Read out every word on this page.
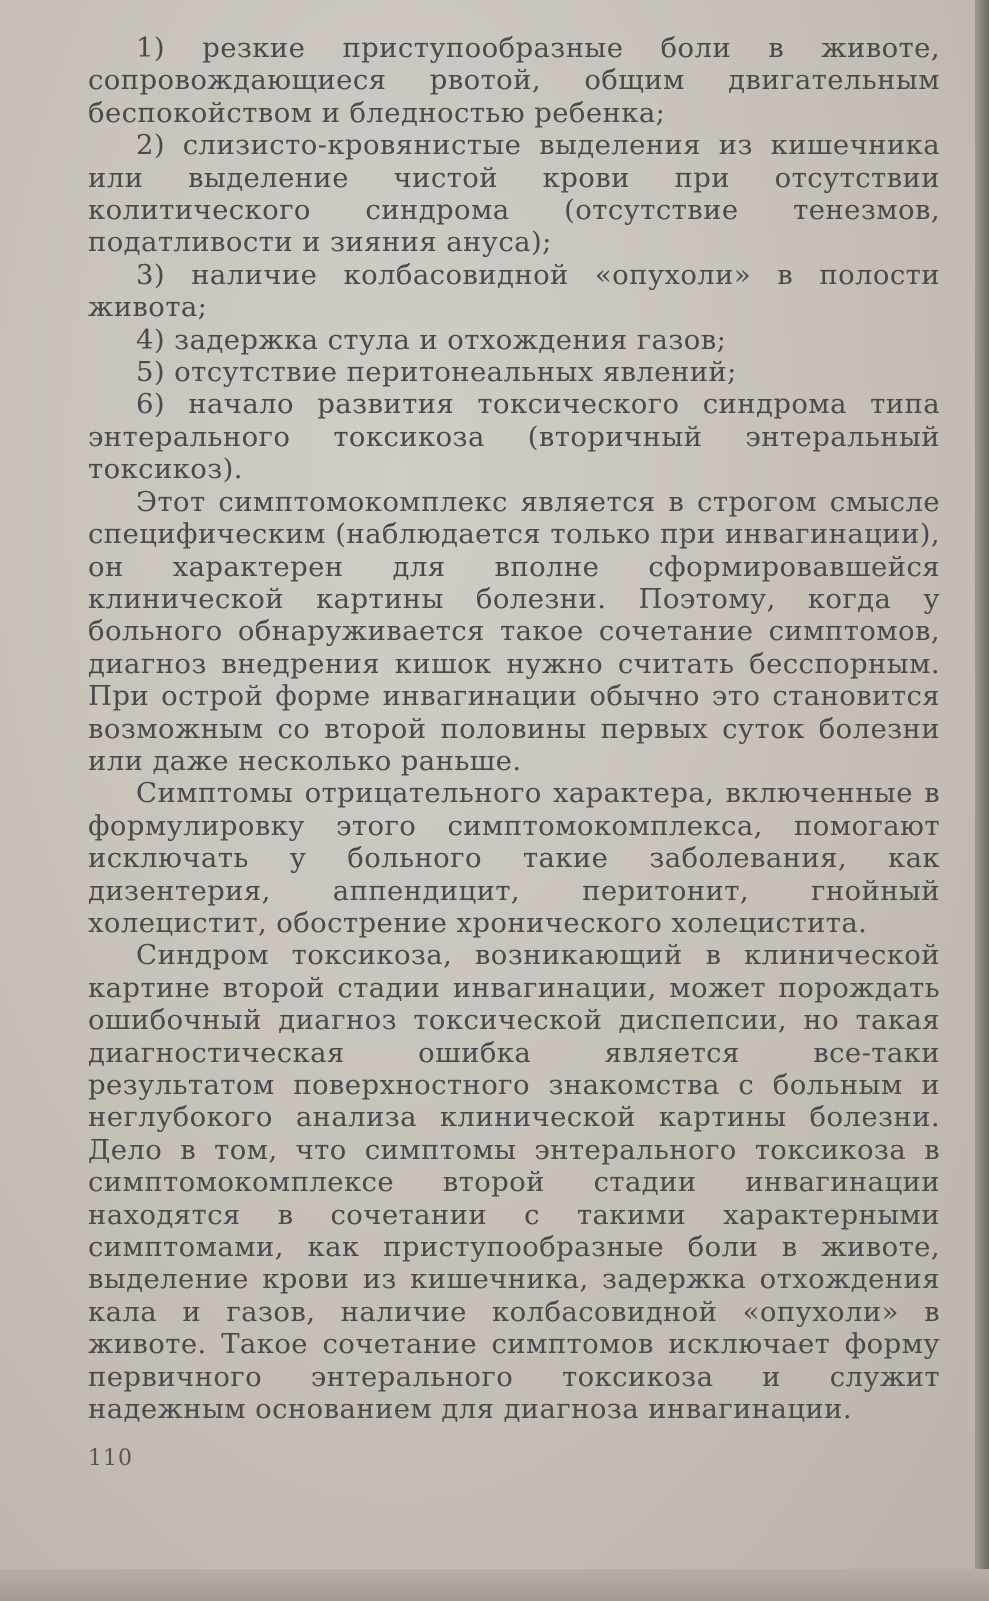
1) резкие приступообразные боли в животе, сопровождающиеся рвотой, общим двигательным беспокойством и бледностью ребенка;

2) слизисто-кровянистые выделения из кишечника или выделение чистой крови при отсутствии колитического синдрома (отсутствие тенезмов, податливости и зияния ануса);

3) наличие колбасовидной «опухоли» в полости живота;

4) задержка стула и отхождения газов;

5) отсутствие перитонеальных явлений;

6) начало развития токсического синдрома типа энтерального токсикоза (вторичный энтеральный токсикоз).

Этот симптомокомплекс является в строгом смысле специфическим (наблюдается только при инвагинации), он характерен для вполне сформировавшейся клинической картины болезни. Поэтому, когда у больного обнаруживается такое сочетание симптомов, диагноз внедрения кишок нужно считать бесспорным. При острой форме инвагинации обычно это становится возможным со второй половины первых суток болезни или даже несколько раньше.

Симптомы отрицательного характера, включенные в формулировку этого симптомокомплекса, помогают исключать у больного такие заболевания, как дизентерия, аппендицит, перитонит, гнойный холецистит, обострение хронического холецистита.

Синдром токсикоза, возникающий в клинической картине второй стадии инвагинации, может порождать ошибочный диагноз токсической диспепсии, но такая диагностическая ошибка является все-таки результатом поверхностного знакомства с больным и неглубокого анализа клинической картины болезни. Дело в том, что симптомы энтерального токсикоза в симптомокомплексе второй стадии инвагинации находятся в сочетании с такими характерными симптомами, как приступообразные боли в животе, выделение крови из кишечника, задержка отхождения кала и газов, наличие колбасовидной «опухоли» в животе. Такое сочетание симптомов исключает форму первичного энтерального токсикоза и служит надежным основанием для диагноза инвагинации.

110
